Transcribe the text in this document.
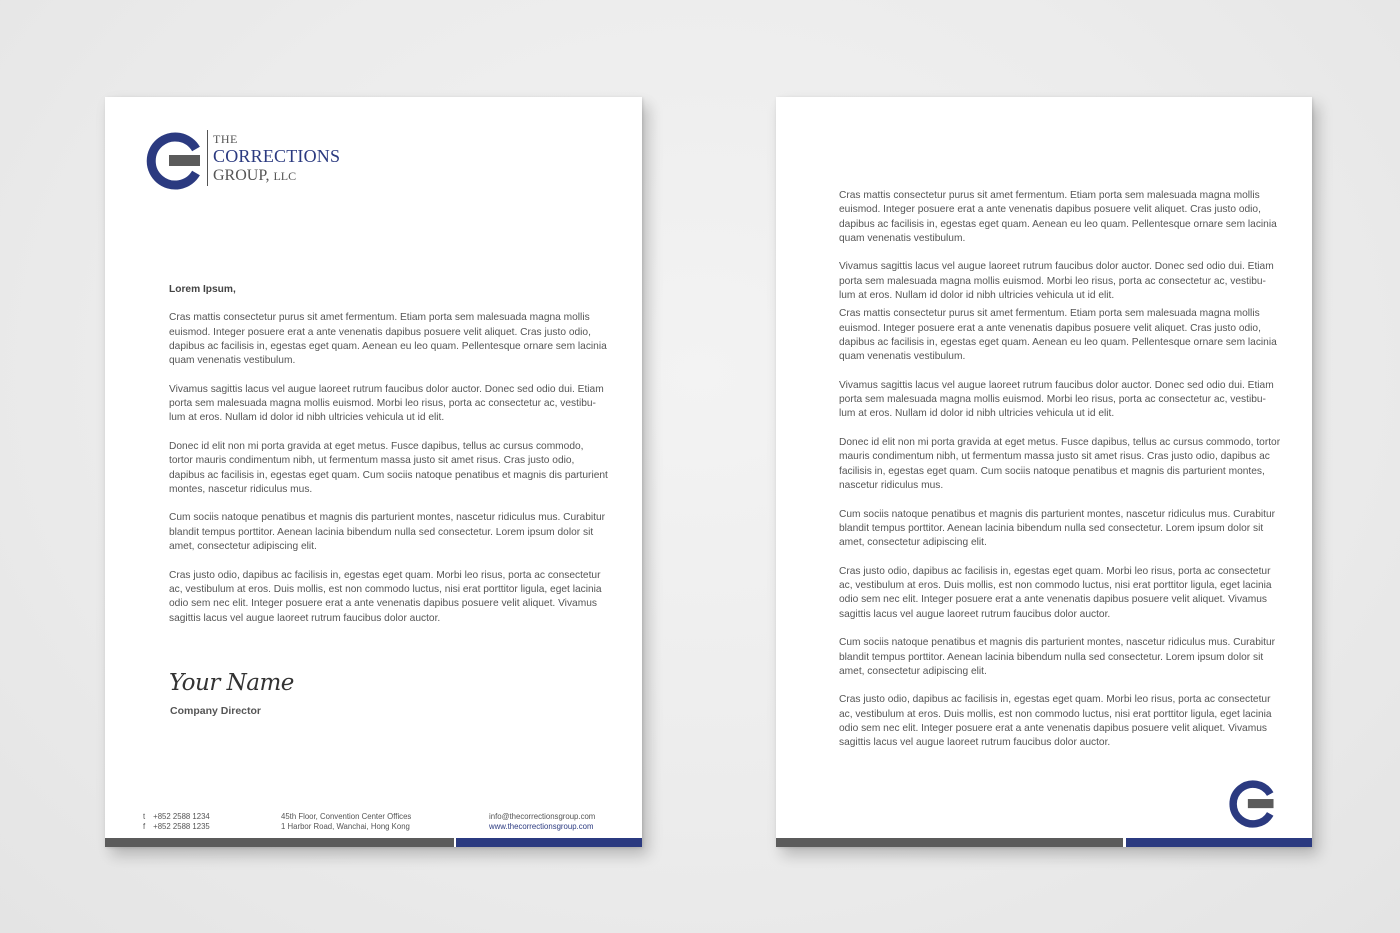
THE
CORRECTIONS
GROUP, LLC

Lorem Ipsum,

Cras mattis consectetur purus sit amet fermentum. Etiam porta sem malesuada magna mollis euismod. Integer posuere erat a ante venenatis dapibus posuere velit aliquet. Cras justo odio, dapibus ac facilisis in, egestas eget quam. Aenean eu leo quam. Pellentesque ornare sem lacinia quam venenatis vestibulum.

Vivamus sagittis lacus vel augue laoreet rutrum faucibus dolor auctor. Donec sed odio dui. Etiam porta sem malesuada magna mollis euismod. Morbi leo risus, porta ac consectetur ac, vestibu-lum at eros. Nullam id dolor id nibh ultricies vehicula ut id elit.

Donec id elit non mi porta gravida at eget metus. Fusce dapibus, tellus ac cursus commodo, tortor mauris condimentum nibh, ut fermentum massa justo sit amet risus. Cras justo odio, dapibus ac facilisis in, egestas eget quam. Cum sociis natoque penatibus et magnis dis parturient montes, nascetur ridiculus mus.

Cum sociis natoque penatibus et magnis dis parturient montes, nascetur ridiculus mus. Curabitur blandit tempus porttitor. Aenean lacinia bibendum nulla sed consectetur. Lorem ipsum dolor sit amet, consectetur adipiscing elit.

Cras justo odio, dapibus ac facilisis in, egestas eget quam. Morbi leo risus, porta ac consectetur ac, vestibulum at eros. Duis mollis, est non commodo luctus, nisi erat porttitor ligula, eget lacinia odio sem nec elit. Integer posuere erat a ante venenatis dapibus posuere velit aliquet. Vivamus sagittis lacus vel augue laoreet rutrum faucibus dolor auctor.

Your Name
Company Director
t +852 2588 1234
f +852 2588 1235
45th Floor, Convention Center Offices
1 Harbor Road, Wanchai, Hong Kong
info@thecorrectionsgroup.com
www.thecorrectionsgroup.com

Cras mattis consectetur purus sit amet fermentum. Etiam porta sem malesuada magna mollis euismod. Integer posuere erat a ante venenatis dapibus posuere velit aliquet. Cras justo odio, dapibus ac facilisis in, egestas eget quam. Aenean eu leo quam. Pellentesque ornare sem lacinia quam venenatis vestibulum.

Vivamus sagittis lacus vel augue laoreet rutrum faucibus dolor auctor. Donec sed odio dui. Etiam porta sem malesuada magna mollis euismod. Morbi leo risus, porta ac consectetur ac, vestibu-lum at eros. Nullam id dolor id nibh ultricies vehicula ut id elit.

Cras mattis consectetur purus sit amet fermentum. Etiam porta sem malesuada magna mollis euismod. Integer posuere erat a ante venenatis dapibus posuere velit aliquet. Cras justo odio, dapibus ac facilisis in, egestas eget quam. Aenean eu leo quam. Pellentesque ornare sem lacinia quam venenatis vestibulum.

Vivamus sagittis lacus vel augue laoreet rutrum faucibus dolor auctor. Donec sed odio dui. Etiam porta sem malesuada magna mollis euismod. Morbi leo risus, porta ac consectetur ac, vestibu-lum at eros. Nullam id dolor id nibh ultricies vehicula ut id elit.

Donec id elit non mi porta gravida at eget metus. Fusce dapibus, tellus ac cursus commodo, tortor mauris condimentum nibh, ut fermentum massa justo sit amet risus. Cras justo odio, dapibus ac facilisis in, egestas eget quam. Cum sociis natoque penatibus et magnis dis parturient montes, nascetur ridiculus mus.

Cum sociis natoque penatibus et magnis dis parturient montes, nascetur ridiculus mus. Curabitur blandit tempus porttitor. Aenean lacinia bibendum nulla sed consectetur. Lorem ipsum dolor sit amet, consectetur adipiscing elit.

Cras justo odio, dapibus ac facilisis in, egestas eget quam. Morbi leo risus, porta ac consectetur ac, vestibulum at eros. Duis mollis, est non commodo luctus, nisi erat porttitor ligula, eget lacinia odio sem nec elit. Integer posuere erat a ante venenatis dapibus posuere velit aliquet. Vivamus sagittis lacus vel augue laoreet rutrum faucibus dolor auctor.

Cum sociis natoque penatibus et magnis dis parturient montes, nascetur ridiculus mus. Curabitur blandit tempus porttitor. Aenean lacinia bibendum nulla sed consectetur. Lorem ipsum dolor sit amet, consectetur adipiscing elit.

Cras justo odio, dapibus ac facilisis in, egestas eget quam. Morbi leo risus, porta ac consectetur ac, vestibulum at eros. Duis mollis, est non commodo luctus, nisi erat porttitor ligula, eget lacinia odio sem nec elit. Integer posuere erat a ante venenatis dapibus posuere velit aliquet. Vivamus sagittis lacus vel augue laoreet rutrum faucibus dolor auctor.
